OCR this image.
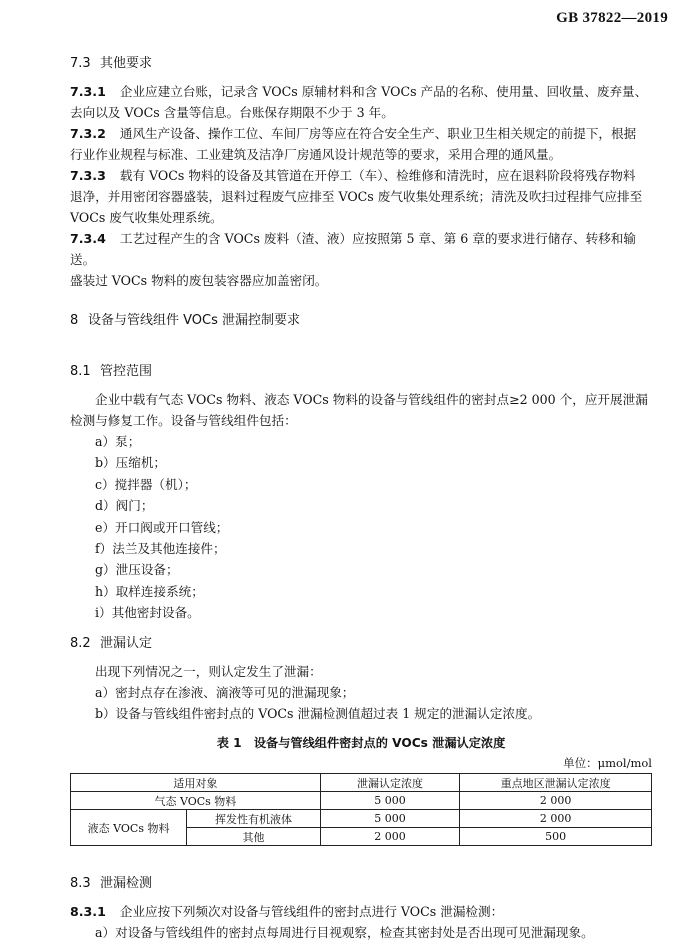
GB 37822—2019
7.3 其他要求

7.3.1 企业应建立台账，记录含 VOCs 原辅材料和含 VOCs 产品的名称、使用量、回收量、废弃量、

去向以及 VOCs 含量等信息。台账保存期限不少于 3 年。

7.3.2 通风生产设备、操作工位、车间厂房等应在符合安全生产、职业卫生相关规定的前提下，根据

行业作业规程与标准、工业建筑及洁净厂房通风设计规范等的要求，采用合理的通风量。

7.3.3 载有 VOCs 物料的设备及其管道在开停工（车）、检维修和清洗时，应在退料阶段将残存物料

退净，并用密闭容器盛装，退料过程废气应排至 VOCs 废气收集处理系统；清洗及吹扫过程排气应排至

VOCs 废气收集处理系统。

7.3.4 工艺过程产生的含 VOCs 废料（渣、液）应按照第 5 章、第 6 章的要求进行储存、转移和输送。

盛装过 VOCs 物料的废包装容器应加盖密闭。

8 设备与管线组件 VOCs 泄漏控制要求
8.1 管控范围

企业中载有气态 VOCs 物料、液态 VOCs 物料的设备与管线组件的密封点≥2 000 个，应开展泄漏

检测与修复工作。设备与管线组件包括：

a）泵；
b）压缩机；
c）搅拌器（机）；
d）阀门；
e）开口阀或开口管线；
f）法兰及其他连接件；
g）泄压设备；
h）取样连接系统；
i）其他密封设备。
8.2 泄漏认定

出现下列情况之一，则认定发生了泄漏：

a）密封点存在渗液、滴液等可见的泄漏现象；
b）设备与管线组件密封点的 VOCs 泄漏检测值超过表 1 规定的泄漏认定浓度。
表 1　设备与管线组件密封点的 VOCs 泄漏认定浓度
单位：μmol/mol
适用对象		泄漏认定浓度	重点地区泄漏认定浓度
气态 VOCs 物料		5 000	2 000
液态 VOCs 物料	挥发性有机液体	5 000	2 000
	其他	2 000	500
8.3 泄漏检测

8.3.1 企业应按下列频次对设备与管线组件的密封点进行 VOCs 泄漏检测：

a）对设备与管线组件的密封点每周进行目视观察，检查其密封处是否出现可见泄漏现象。
